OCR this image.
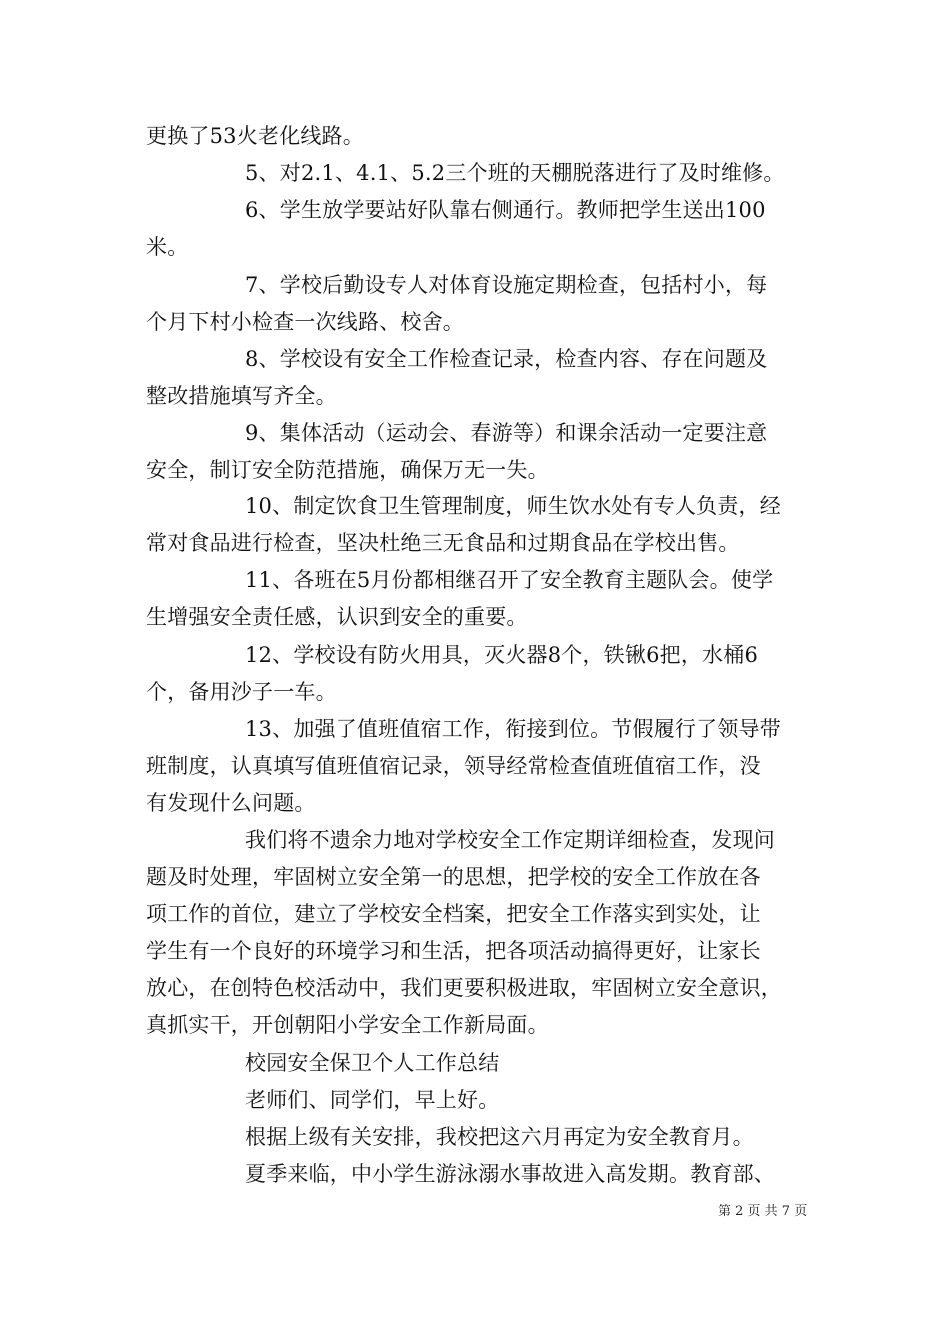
更换了53火老化线路。
5、对2.1、4.1、5.2三个班的天棚脱落进行了及时维修。
6、学生放学要站好队靠右侧通行。教师把学生送出100
米。
7、学校后勤设专人对体育设施定期检查，包括村小，每
个月下村小检查一次线路、校舍。
8、学校设有安全工作检查记录，检查内容、存在问题及
整改措施填写齐全。
9、集体活动（运动会、春游等）和课余活动一定要注意
安全，制订安全防范措施，确保万无一失。
10、制定饮食卫生管理制度，师生饮水处有专人负责，经
常对食品进行检查，坚决杜绝三无食品和过期食品在学校出售。
11、各班在5月份都相继召开了安全教育主题队会。使学
生增强安全责任感，认识到安全的重要。
12、学校设有防火用具，灭火器8个，铁锹6把，水桶6
个，备用沙子一车。
13、加强了值班值宿工作，衔接到位。节假履行了领导带
班制度，认真填写值班值宿记录，领导经常检查值班值宿工作，没
有发现什么问题。
我们将不遗余力地对学校安全工作定期详细检查，发现问
题及时处理，牢固树立安全第一的思想，把学校的安全工作放在各
项工作的首位，建立了学校安全档案，把安全工作落实到实处，让
学生有一个良好的环境学习和生活，把各项活动搞得更好，让家长
放心，在创特色校活动中，我们更要积极进取，牢固树立安全意识，
真抓实干，开创朝阳小学安全工作新局面。
校园安全保卫个人工作总结
老师们、同学们，早上好。
根据上级有关安排，我校把这六月再定为安全教育月。
夏季来临，中小学生游泳溺水事故进入高发期。教育部、
第 2 页 共 7 页
